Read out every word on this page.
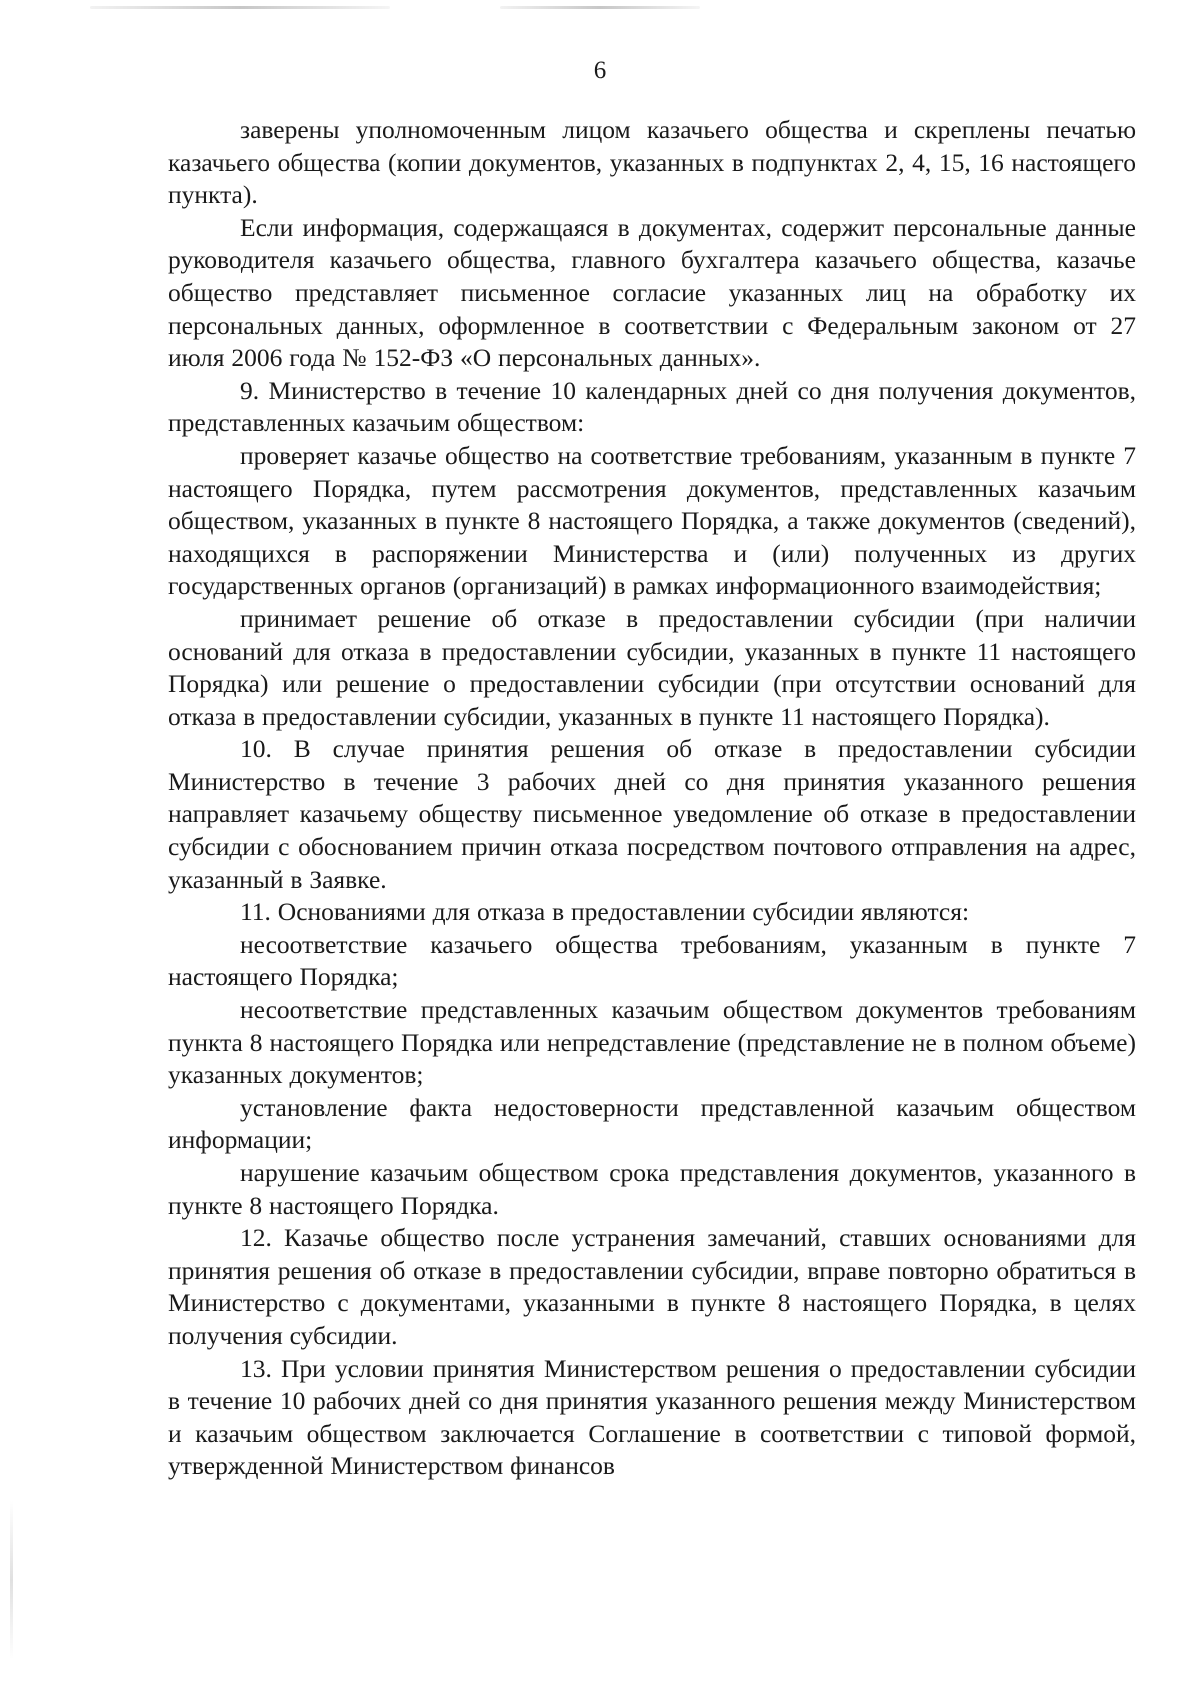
6

заверены уполномоченным лицом казачьего общества и скреплены печатью казачьего общества (копии документов, указанных в подпунктах 2, 4, 15, 16 настоящего пункта).

Если информация, содержащаяся в документах, содержит персональные данные руководителя казачьего общества, главного бухгалтера казачьего общества, казачье общество представляет письменное согласие указанных лиц на обработку их персональных данных, оформленное в соответствии с Федеральным законом от 27 июля 2006 года № 152-ФЗ «О персональных данных».

9. Министерство в течение 10 календарных дней со дня получения документов, представленных казачьим обществом:

проверяет казачье общество на соответствие требованиям, указанным в пункте 7 настоящего Порядка, путем рассмотрения документов, представленных казачьим обществом, указанных в пункте 8 настоящего Порядка, а также документов (сведений), находящихся в распоряжении Министерства и (или) полученных из других государственных органов (организаций) в рамках информационного взаимодействия;

принимает решение об отказе в предоставлении субсидии (при наличии оснований для отказа в предоставлении субсидии, указанных в пункте 11 настоящего Порядка) или решение о предоставлении субсидии (при отсутствии оснований для отказа в предоставлении субсидии, указанных в пункте 11 настоящего Порядка).

10. В случае принятия решения об отказе в предоставлении субсидии Министерство в течение 3 рабочих дней со дня принятия указанного решения направляет казачьему обществу письменное уведомление об отказе в предоставлении субсидии с обоснованием причин отказа посредством почтового отправления на адрес, указанный в Заявке.

11. Основаниями для отказа в предоставлении субсидии являются:

несоответствие казачьего общества требованиям, указанным в пункте 7 настоящего Порядка;

несоответствие представленных казачьим обществом документов требованиям пункта 8 настоящего Порядка или непредставление (представление не в полном объеме) указанных документов;

установление факта недостоверности представленной казачьим обществом информации;

нарушение казачьим обществом срока представления документов, указанного в пункте 8 настоящего Порядка.

12. Казачье общество после устранения замечаний, ставших основаниями для принятия решения об отказе в предоставлении субсидии, вправе повторно обратиться в Министерство с документами, указанными в пункте 8 настоящего Порядка, в целях получения субсидии.

13. При условии принятия Министерством решения о предоставлении субсидии в течение 10 рабочих дней со дня принятия указанного решения между Министерством и казачьим обществом заключается Соглашение в соответствии с типовой формой, утвержденной Министерством финансов
